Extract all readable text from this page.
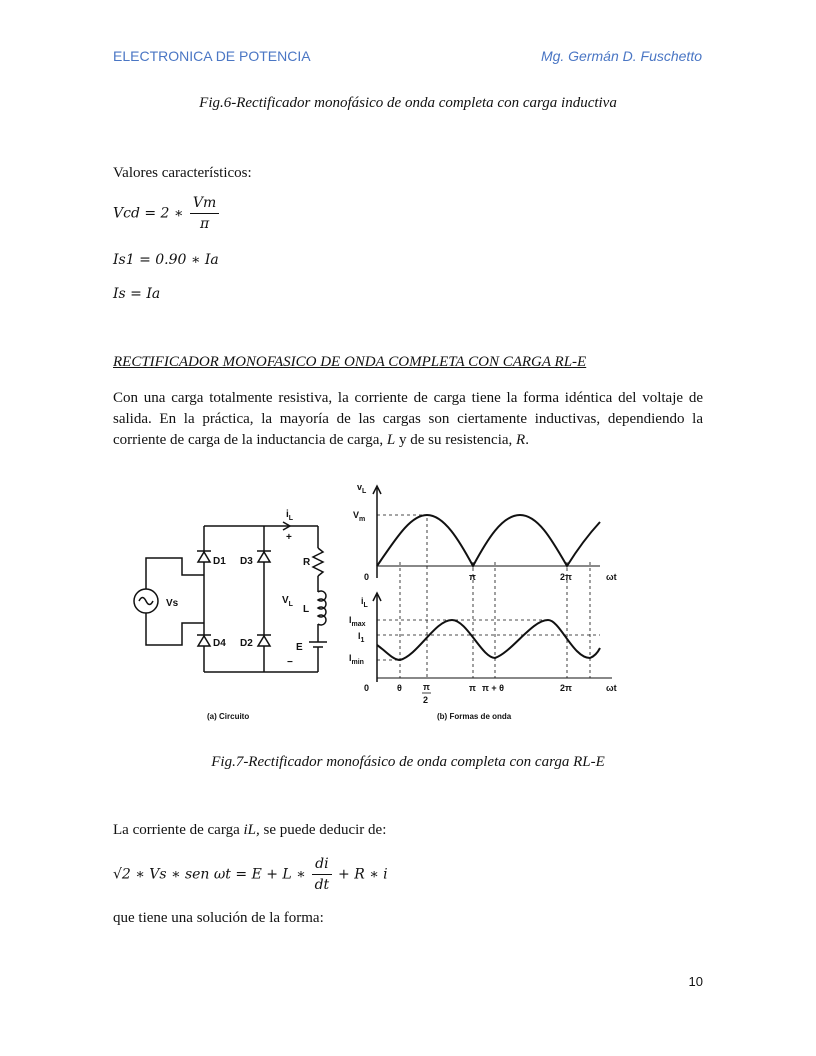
ELECTRONICA DE POTENCIA	Mg. Germán D. Fuschetto
Fig.6-Rectificador monofásico de onda completa con carga inductiva
Valores característicos:
Vcd = 2 ∗ $\frac{Vm}{\pi}$
Is1 = 0.90 ∗ Ia
Is = Ia
RECTIFICADOR MONOFASICO DE ONDA COMPLETA CON CARGA RL-E
Con una carga totalmente resistiva, la corriente de carga tiene la forma idéntica del voltaje de salida. En la práctica, la mayoría de las cargas son ciertamente inductivas, dependiendo la corriente de carga de la inductancia de carga, L y de su resistencia, R.
Vs
D1 D3
D4 D2
$i_L$
+
−
$V_L$
R
L
E
(a) Circuito
$v_L$
$V_m$
0	π	2π	ωt
$i_L$
$I_{max}$
$I_1$
$I_{min}$
0	θ π
2
π π + θ	2π	ωt
(b) Formas de onda
Fig.7-Rectificador monofásico de onda completa con carga RL-E
La corriente de carga iL, se puede deducir de:
√2 ∗ Vs ∗ sen ωt = E + L ∗ $\frac{di}{dt} + R$ ∗ i
que tiene una solución de la forma:
10
